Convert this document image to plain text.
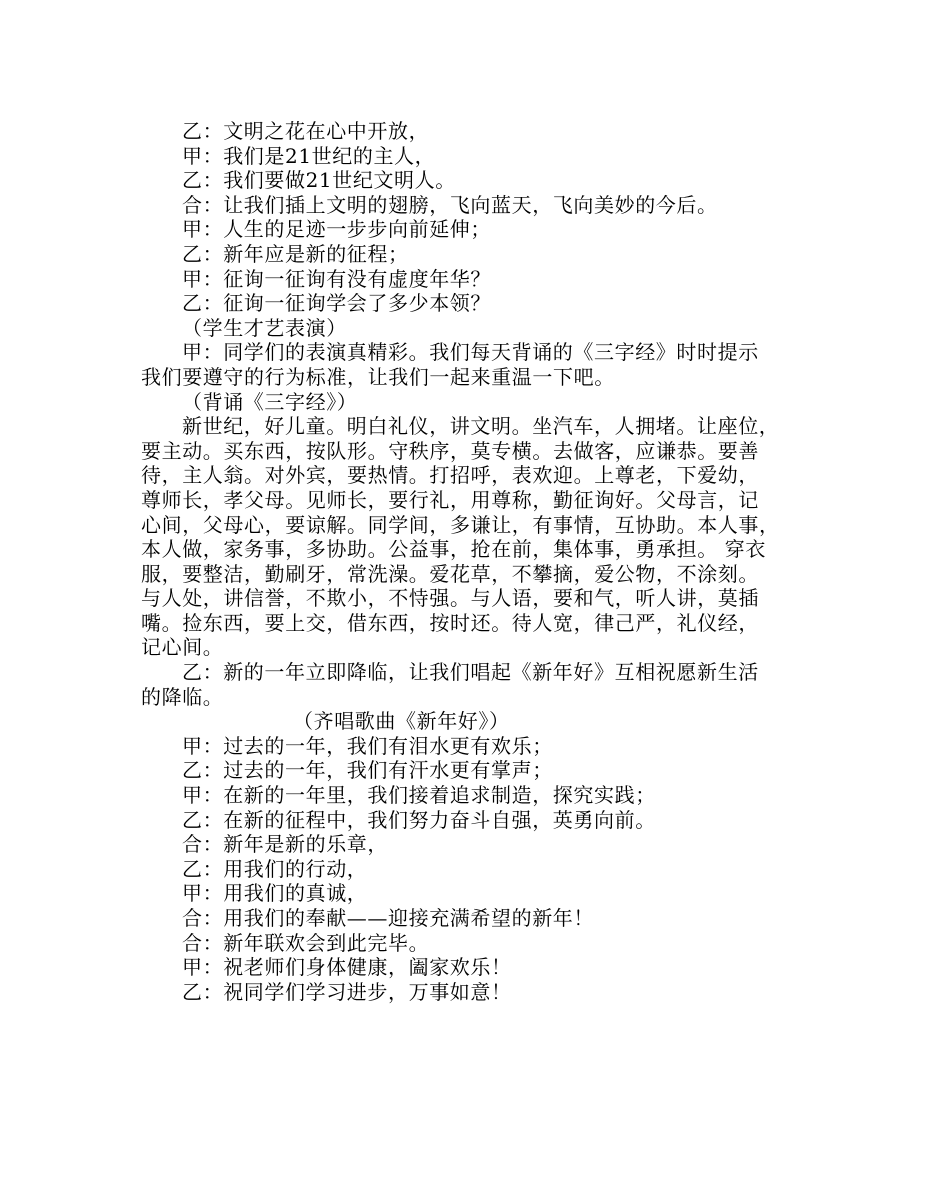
乙：文明之花在心中开放，
甲：我们是21世纪的主人，
乙：我们要做21世纪文明人。
合：让我们插上文明的翅膀，飞向蓝天，飞向美妙的今后。
甲：人生的足迹一步步向前延伸；
乙：新年应是新的征程；
甲：征询一征询有没有虚度年华？
乙：征询一征询学会了多少本领？
（学生才艺表演）
甲：同学们的表演真精彩。我们每天背诵的《三字经》时时提示
我们要遵守的行为标准，让我们一起来重温一下吧。
（背诵《三字经》）
新世纪，好儿童。明白礼仪，讲文明。坐汽车，人拥堵。让座位，
要主动。买东西，按队形。守秩序，莫专横。去做客，应谦恭。要善
待，主人翁。对外宾，要热情。打招呼，表欢迎。上尊老，下爱幼，
尊师长，孝父母。见师长，要行礼，用尊称，勤征询好。父母言，记
心间，父母心，要谅解。同学间，多谦让，有事情，互协助。本人事，
本人做，家务事，多协助。公益事，抢在前，集体事，勇承担。 穿衣
服，要整洁，勤刷牙，常洗澡。爱花草，不攀摘，爱公物，不涂刻。
与人处，讲信誉，不欺小，不恃强。与人语，要和气，听人讲，莫插
嘴。捡东西，要上交，借东西，按时还。待人宽，律己严，礼仪经，
记心间。
乙：新的一年立即降临，让我们唱起《新年好》互相祝愿新生活
的降临。
（齐唱歌曲《新年好》）
甲：过去的一年，我们有泪水更有欢乐；
乙：过去的一年，我们有汗水更有掌声；
甲：在新的一年里，我们接着追求制造，探究实践；
乙：在新的征程中，我们努力奋斗自强，英勇向前。
合：新年是新的乐章，
乙：用我们的行动，
甲：用我们的真诚，
合：用我们的奉献——迎接充满希望的新年！
合：新年联欢会到此完毕。
甲：祝老师们身体健康，阖家欢乐！
乙：祝同学们学习进步，万事如意！
